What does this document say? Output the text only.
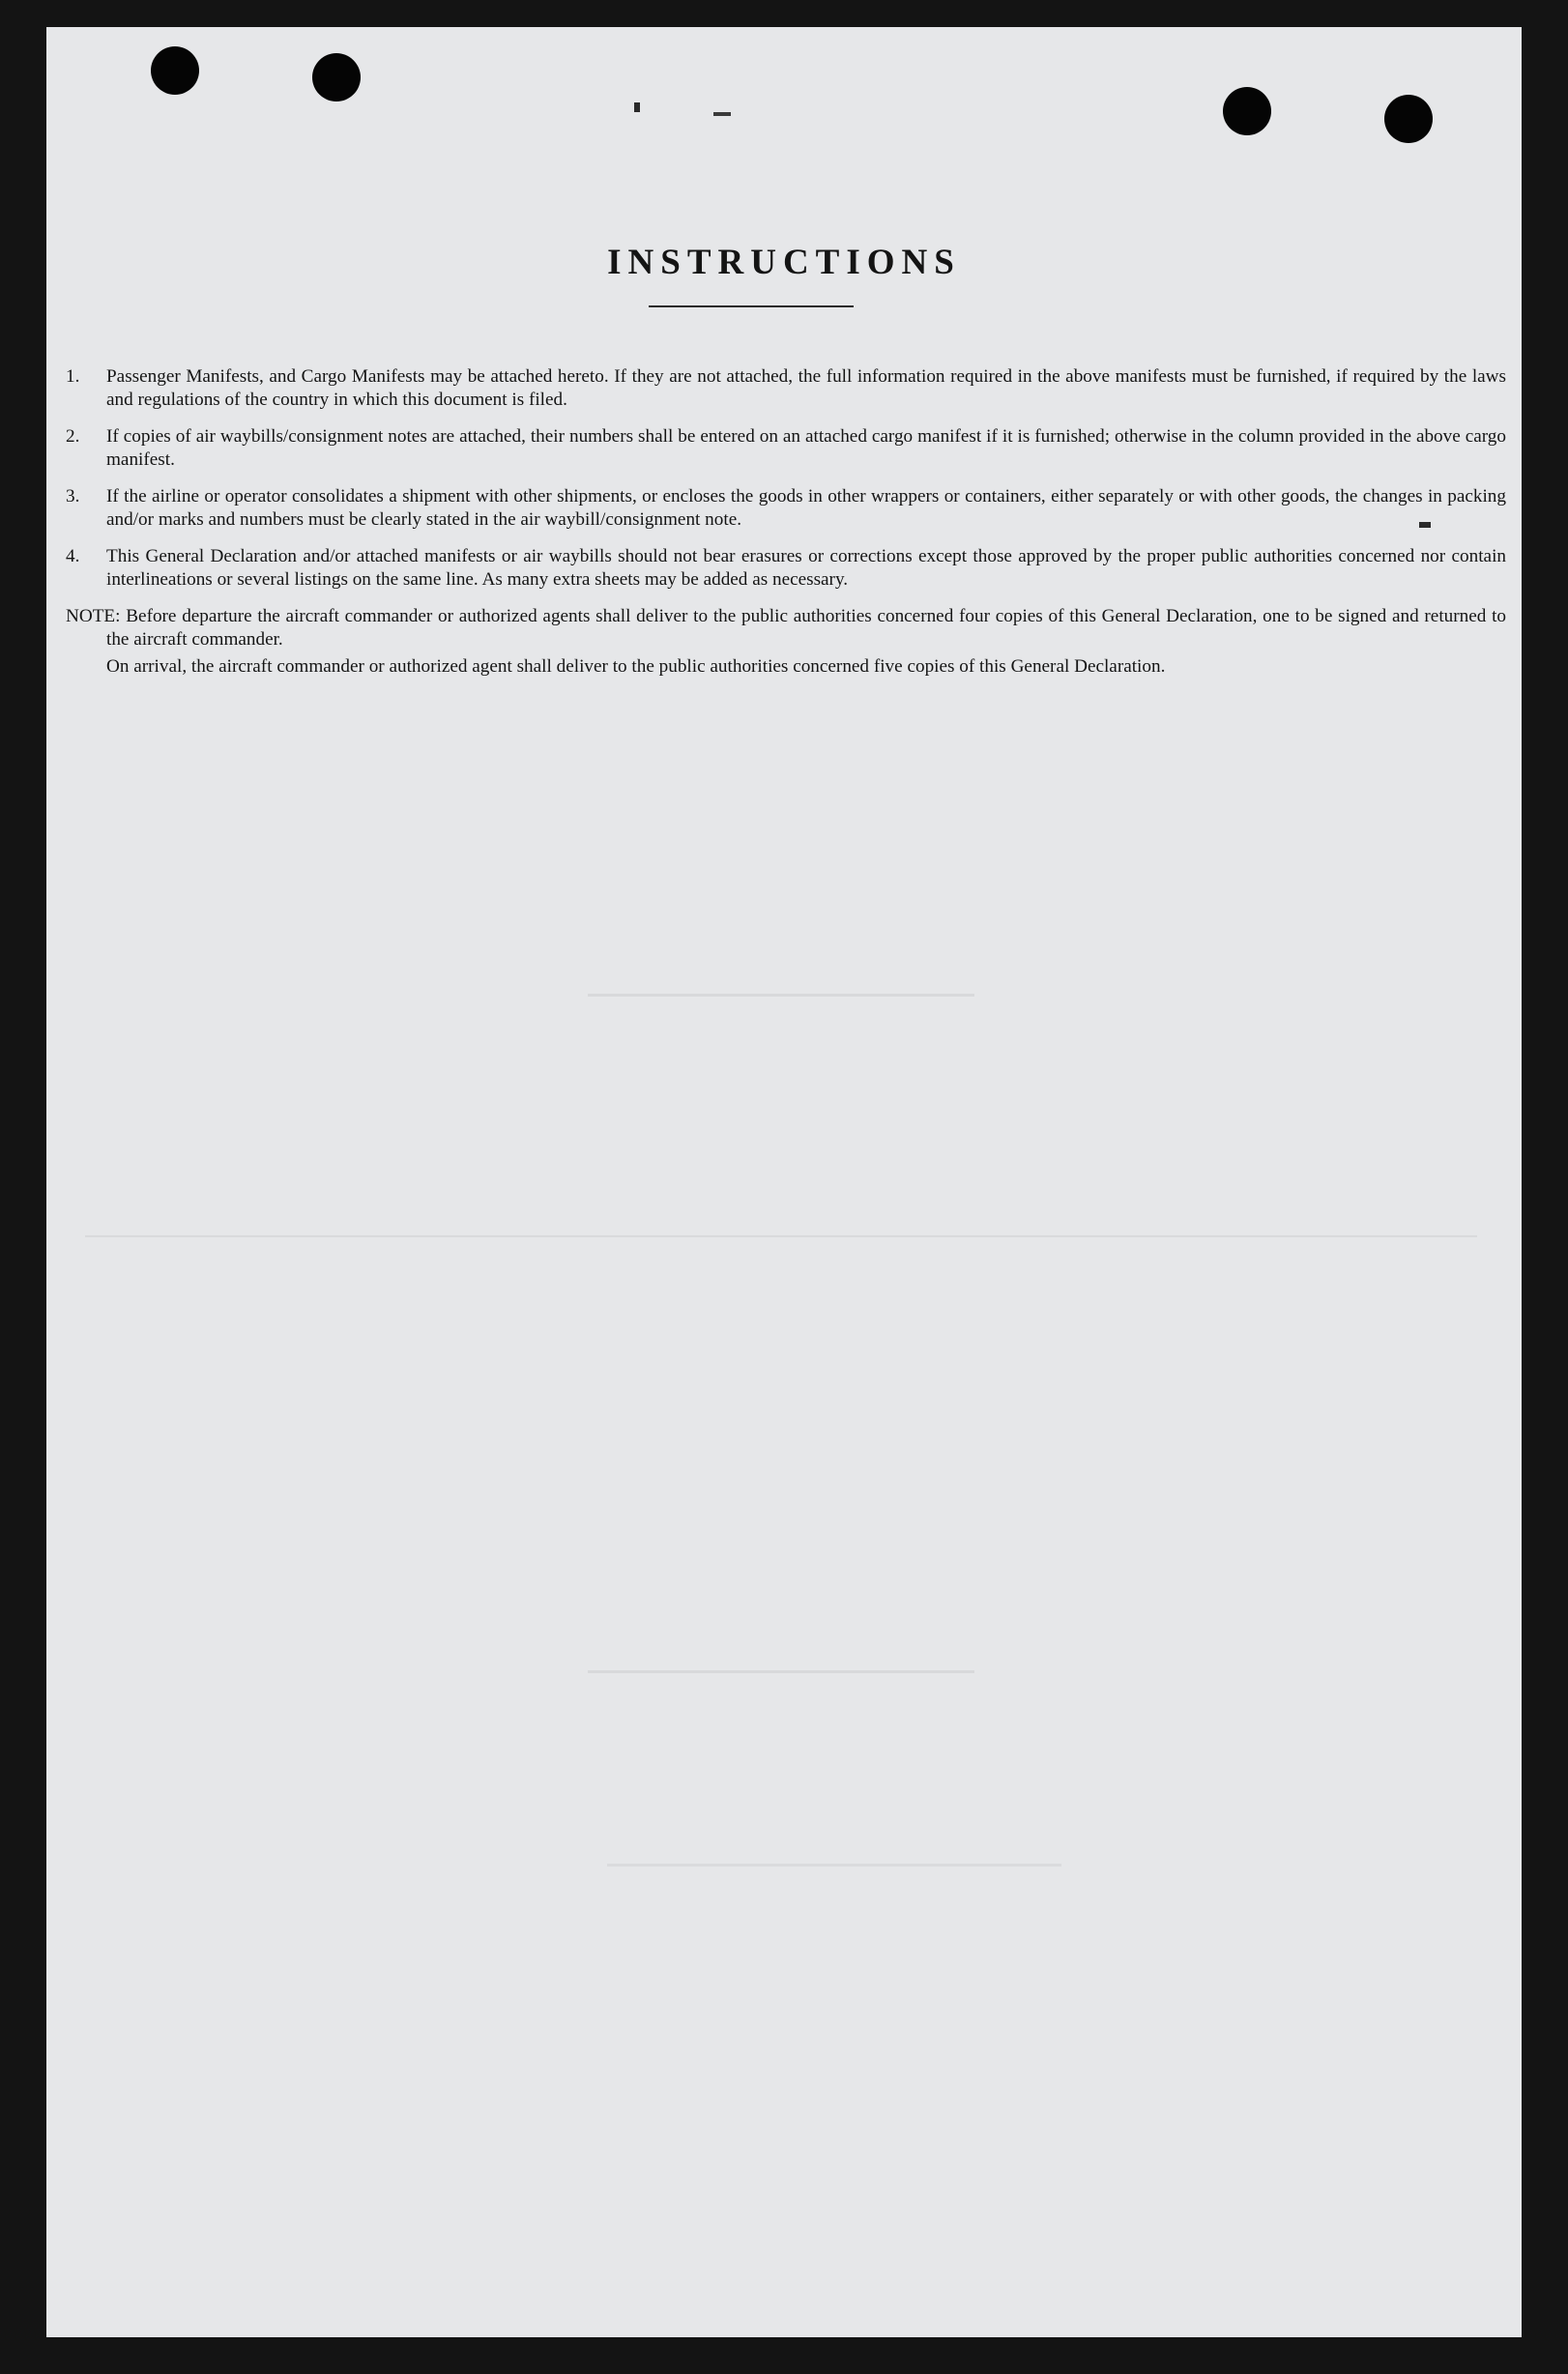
INSTRUCTIONS
1.	Passenger Manifests, and Cargo Manifests may be attached hereto. If they are not attached, the full information required in the above manifests must be furnished, if required by the laws and regulations of the country in which this document is filed.
2.	If copies of air waybills/consignment notes are attached, their numbers shall be entered on an attached cargo manifest if it is furnished; otherwise in the column provided in the above cargo manifest.
3.	If the airline or operator consolidates a shipment with other shipments, or encloses the goods in other wrappers or containers, either separately or with other goods, the changes in packing and/or marks and numbers must be clearly stated in the air waybill/consignment note.
4.	This General Declaration and/or attached manifests or air waybills should not bear erasures or corrections except those approved by the proper public authorities concerned nor contain interlineations or several listings on the same line. As many extra sheets may be added as necessary.
NOTE: Before departure the aircraft commander or authorized agents shall deliver to the public authorities concerned four copies of this General Declaration, one to be signed and returned to the aircraft commander.
On arrival, the aircraft commander or authorized agent shall deliver to the public authorities concerned five copies of this General Declaration.
